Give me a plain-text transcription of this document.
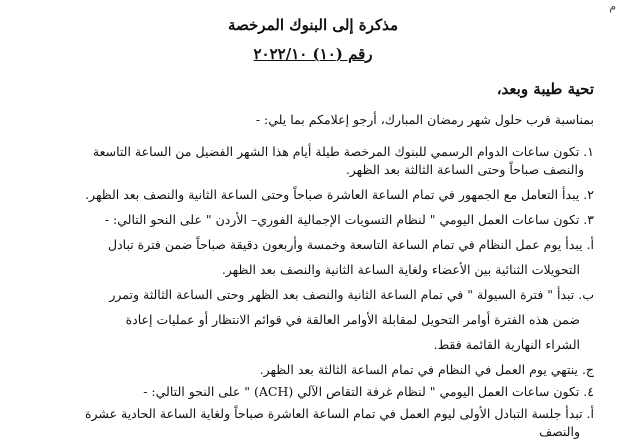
م
مذكرة إلى البنوك المرخصة
رقم (١٠) ٢٠٢٢/١٠
تحية طيبة وبعد،
بمناسبة قرب حلول شهر رمضان المبارك، أرجو إعلامكم بما يلي: -
١. تكون ساعات الدوام الرسمي للبنوك المرخصة طيلة أيام هذا الشهر الفضيل من الساعة التاسعة
والنصف صباحاً وحتى الساعة الثالثة بعد الظهر.
٢. يبدأ التعامل مع الجمهور في تمام الساعة العاشرة صباحاً وحتى الساعة الثانية والنصف بعد الظهر.
٣. تكون ساعات العمل اليومي " لنظام التسويات الإجمالية الفوري– الأردن " على النحو التالي: -
أ. يبدأ يوم عمل النظام في تمام الساعة التاسعة وخمسة وأربعون دقيقة صباحاً ضمن فترة تبادل
التحويلات الثنائية بين الأعضاء ولغاية الساعة الثانية والنصف بعد الظهر.
ب. تبدأ " فترة السيولة " في تمام الساعة الثانية والنصف بعد الظهر وحتى الساعة الثالثة وتمرر
ضمن هذه الفترة أوامر التحويل لمقابلة الأوامر العالقة في قوائم الانتظار أو عمليات إعادة
الشراء النهارية القائمة فقط.
ج. ينتهي يوم العمل في النظام في تمام الساعة الثالثة بعد الظهر.
٤. تكون ساعات العمل اليومي " لنظام غرفة التقاص الآلي (ACH) " على النحو التالي: -
أ. تبدأ جلسة التبادل الأولى ليوم العمل في تمام الساعة العاشرة صباحاً ولغاية الساعة الحادية عشرة
والنصف
